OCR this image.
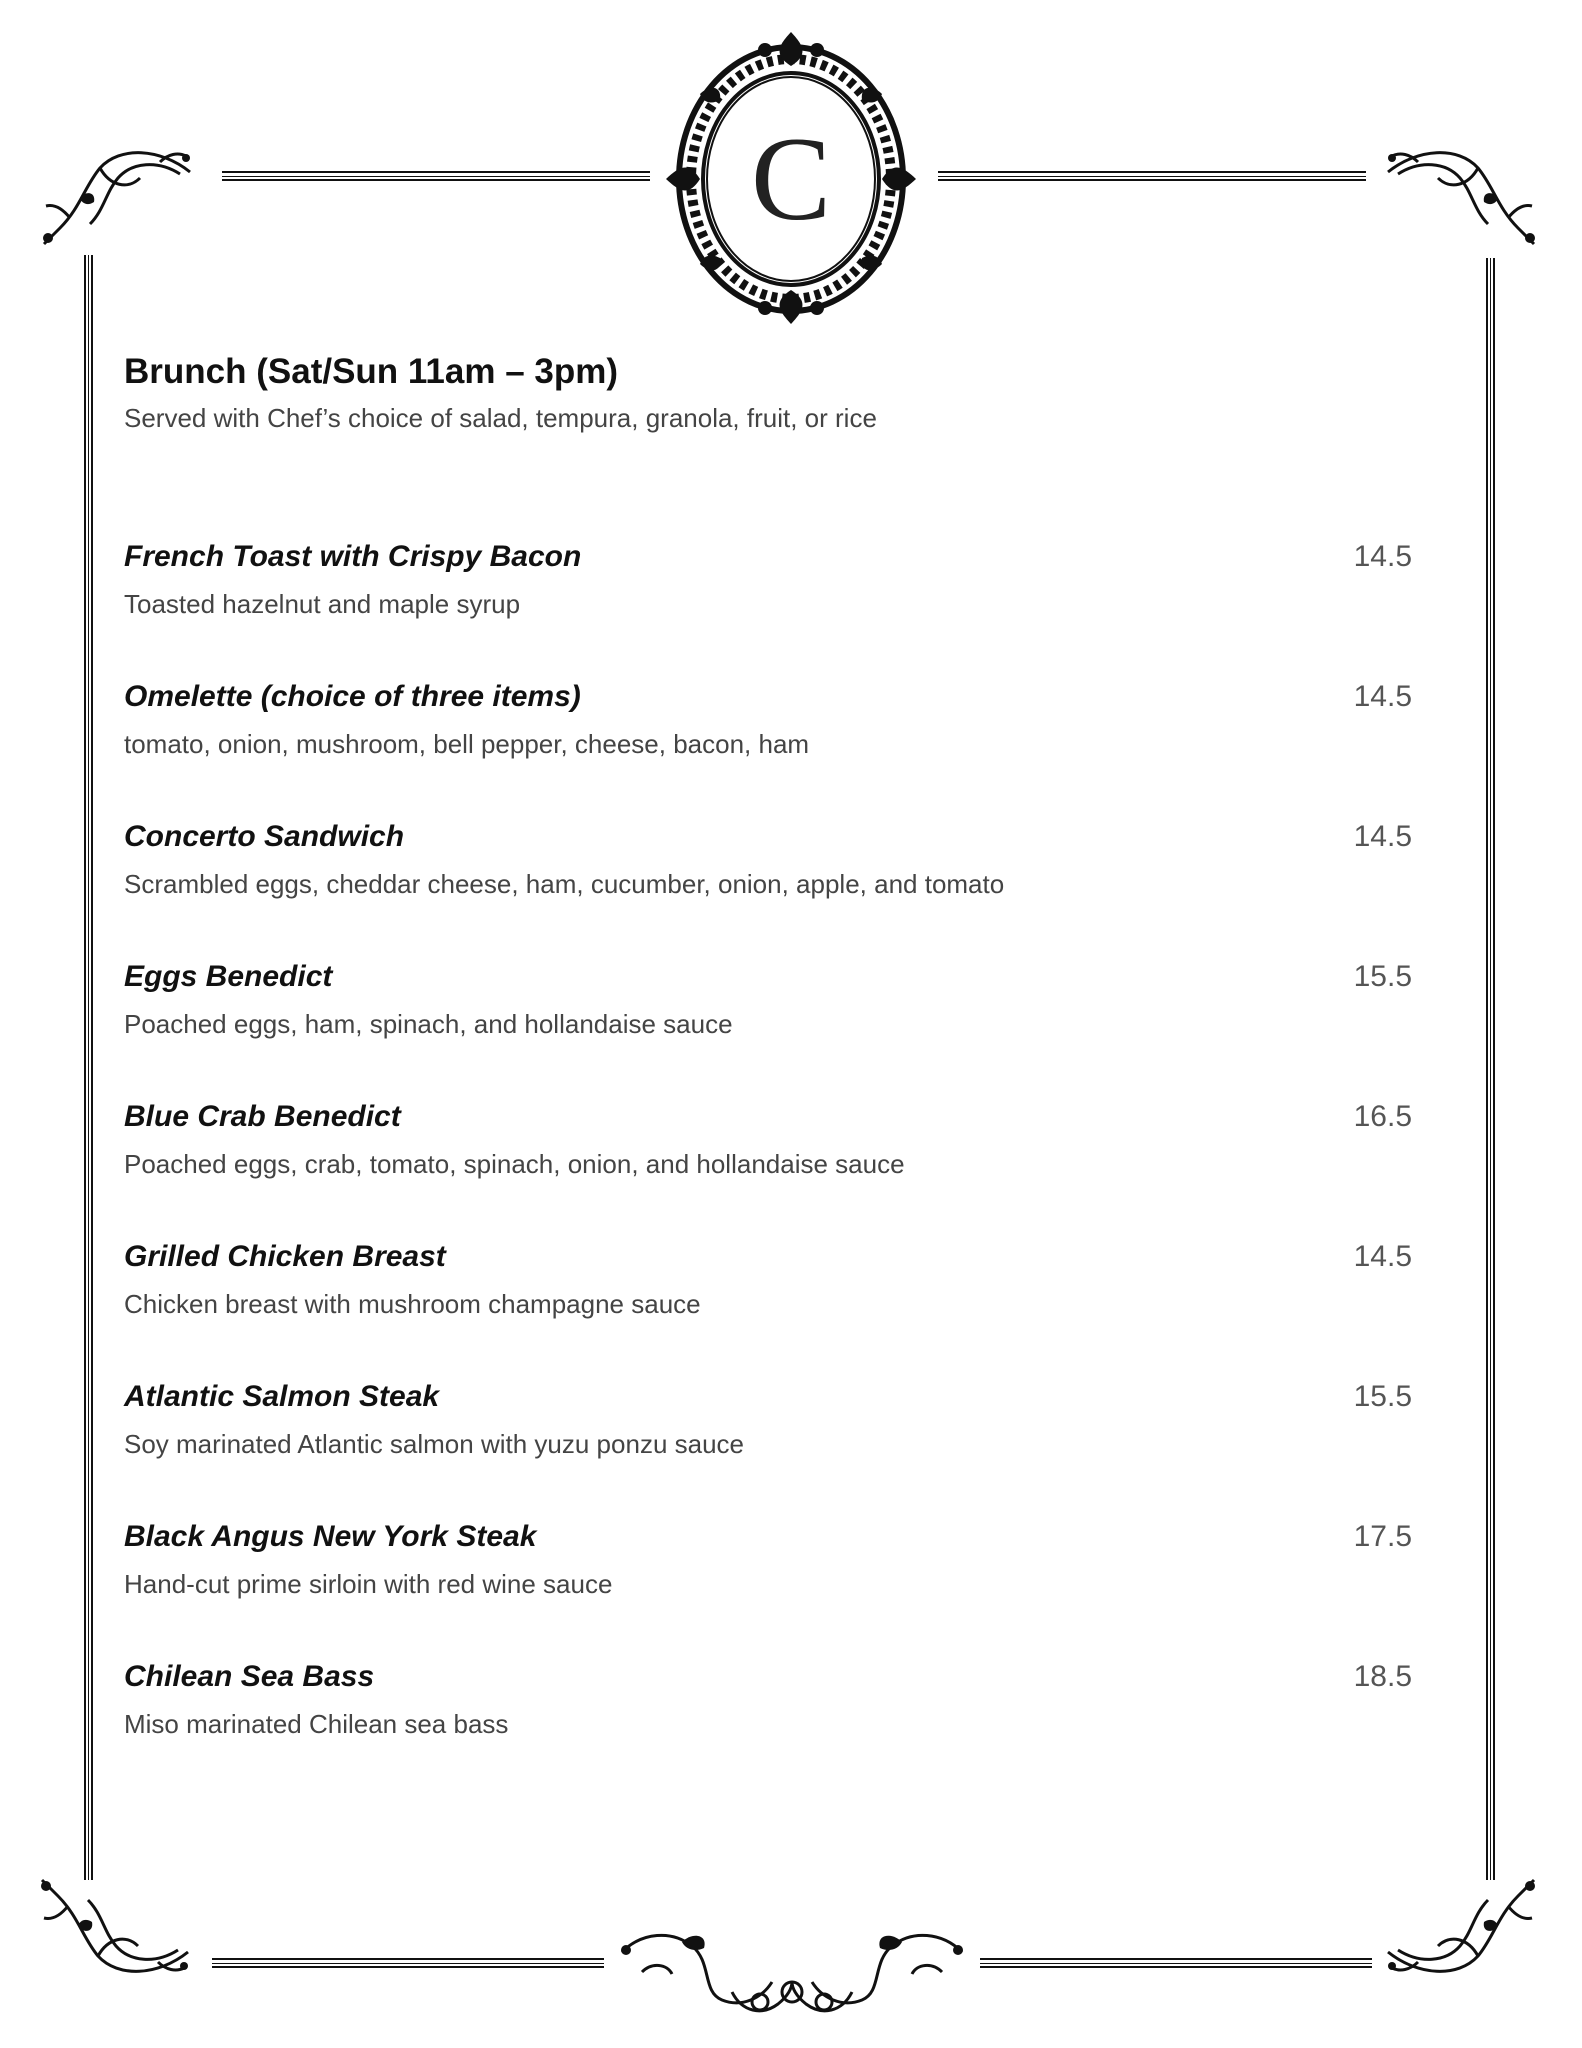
C
Brunch (Sat/Sun 11am – 3pm)

Served with Chef’s choice of salad, tempura, granola, fruit, or rice

French Toast with Crispy Bacon	14.5
Toasted hazelnut and maple syrup
Omelette (choice of three items)	14.5
tomato, onion, mushroom, bell pepper, cheese, bacon, ham
Concerto Sandwich	14.5
Scrambled eggs, cheddar cheese, ham, cucumber, onion, apple, and tomato
Eggs Benedict	15.5
Poached eggs, ham, spinach, and hollandaise sauce
Blue Crab Benedict	16.5
Poached eggs, crab, tomato, spinach, onion, and hollandaise sauce
Grilled Chicken Breast	14.5
Chicken breast with mushroom champagne sauce
Atlantic Salmon Steak	15.5
Soy marinated Atlantic salmon with yuzu ponzu sauce
Black Angus New York Steak	17.5
Hand-cut prime sirloin with red wine sauce
Chilean Sea Bass	18.5
Miso marinated Chilean sea bass
